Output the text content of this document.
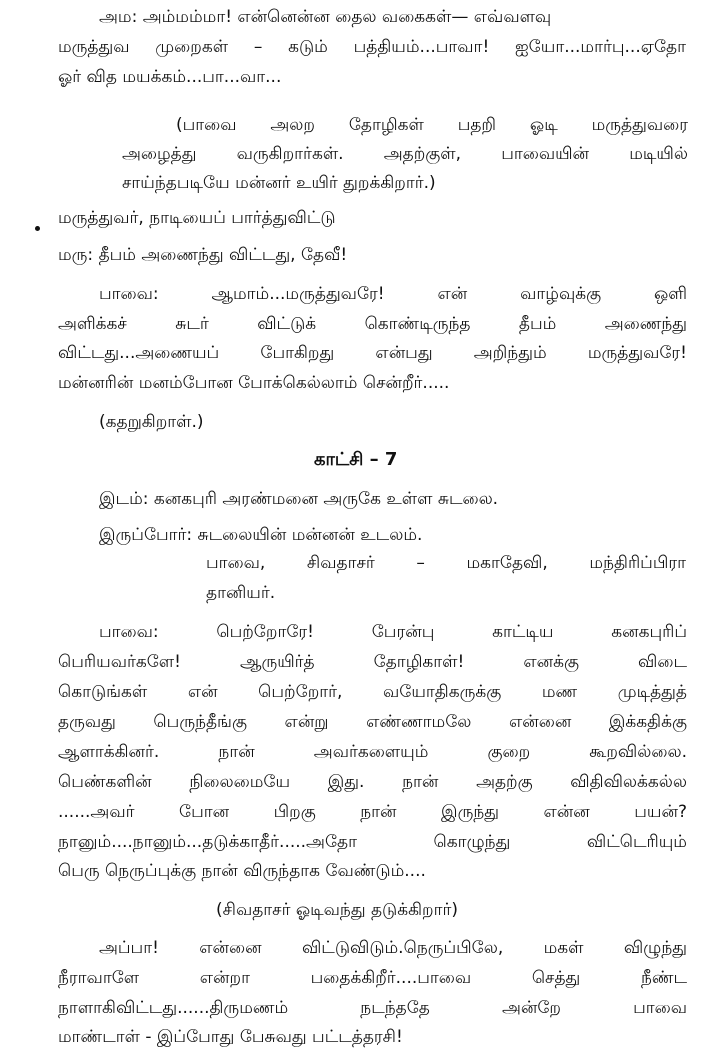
அம: அம்மம்மா! என்னென்ன தைல வகைகள்— எவ்வளவு
மருத்துவ முறைகள் – கடும் பத்தியம்...பாவா! ஐயோ...மார்பு...ஏதோ
ஓர் வித மயக்கம்...பா...வா...
(பாவை அலற தோழிகள் பதறி ஓடி மருத்துவரை
அழைத்து வருகிறார்கள். அதற்குள், பாவையின் மடியில்
சாய்ந்தபடியே மன்னர் உயிர் துறக்கிறார்.)
மருத்துவர், நாடியைப் பார்த்துவிட்டு
மரு: தீபம் அணைந்து விட்டது, தேவீ!
பாவை: ஆமாம்...மருத்துவரே! என் வாழ்வுக்கு ஒளி
அளிக்கச் சுடர் விட்டுக் கொண்டிருந்த தீபம் அணைந்து
விட்டது...அணையப் போகிறது என்பது அறிந்தும் மருத்துவரே!
மன்னரின் மனம்போன போக்கெல்லாம் சென்றீர்.....
(கதறுகிறாள்.)
காட்சி – 7
இடம்: கனகபுரி அரண்மனை அருகே உள்ள சுடலை.
இருப்போர்: சுடலையின் மன்னன் உடலம்.
பாவை, சிவதாசர் – மகாதேவி, மந்திரிப்பிரா
தானியர்.
பாவை: பெற்றோரே! பேரன்பு காட்டிய கனகபுரிப்
பெரியவர்களே! ஆருயிர்த் தோழிகாள்! எனக்கு விடை
கொடுங்கள் என் பெற்றோர், வயோதிகருக்கு மண முடித்துத்
தருவது பெருந்தீங்கு என்று எண்ணாமலே என்னை இக்கதிக்கு
ஆளாக்கினர். நான் அவர்களையும் குறை கூறவில்லை.
பெண்களின் நிலைமையே இது. நான் அதற்கு விதிவிலக்கல்ல
......அவர் போன பிறகு நான் இருந்து என்ன பயன்?
நானும்....நானும்...தடுக்காதீர்.....அதோ கொழுந்து விட்டெரியும்
பெரு நெருப்புக்கு நான் விருந்தாக வேண்டும்....
(சிவதாசர் ஓடிவந்து தடுக்கிறார்)
அப்பா! என்னை விட்டுவிடும்.நெருப்பிலே, மகள் விழுந்து
நீராவாளே என்றா பதைக்கிறீர்....பாவை செத்து நீண்ட
நாளாகிவிட்டது......திருமணம் நடந்ததே அன்றே பாவை
மாண்டாள் - இப்போது பேசுவது பட்டத்தரசி!
